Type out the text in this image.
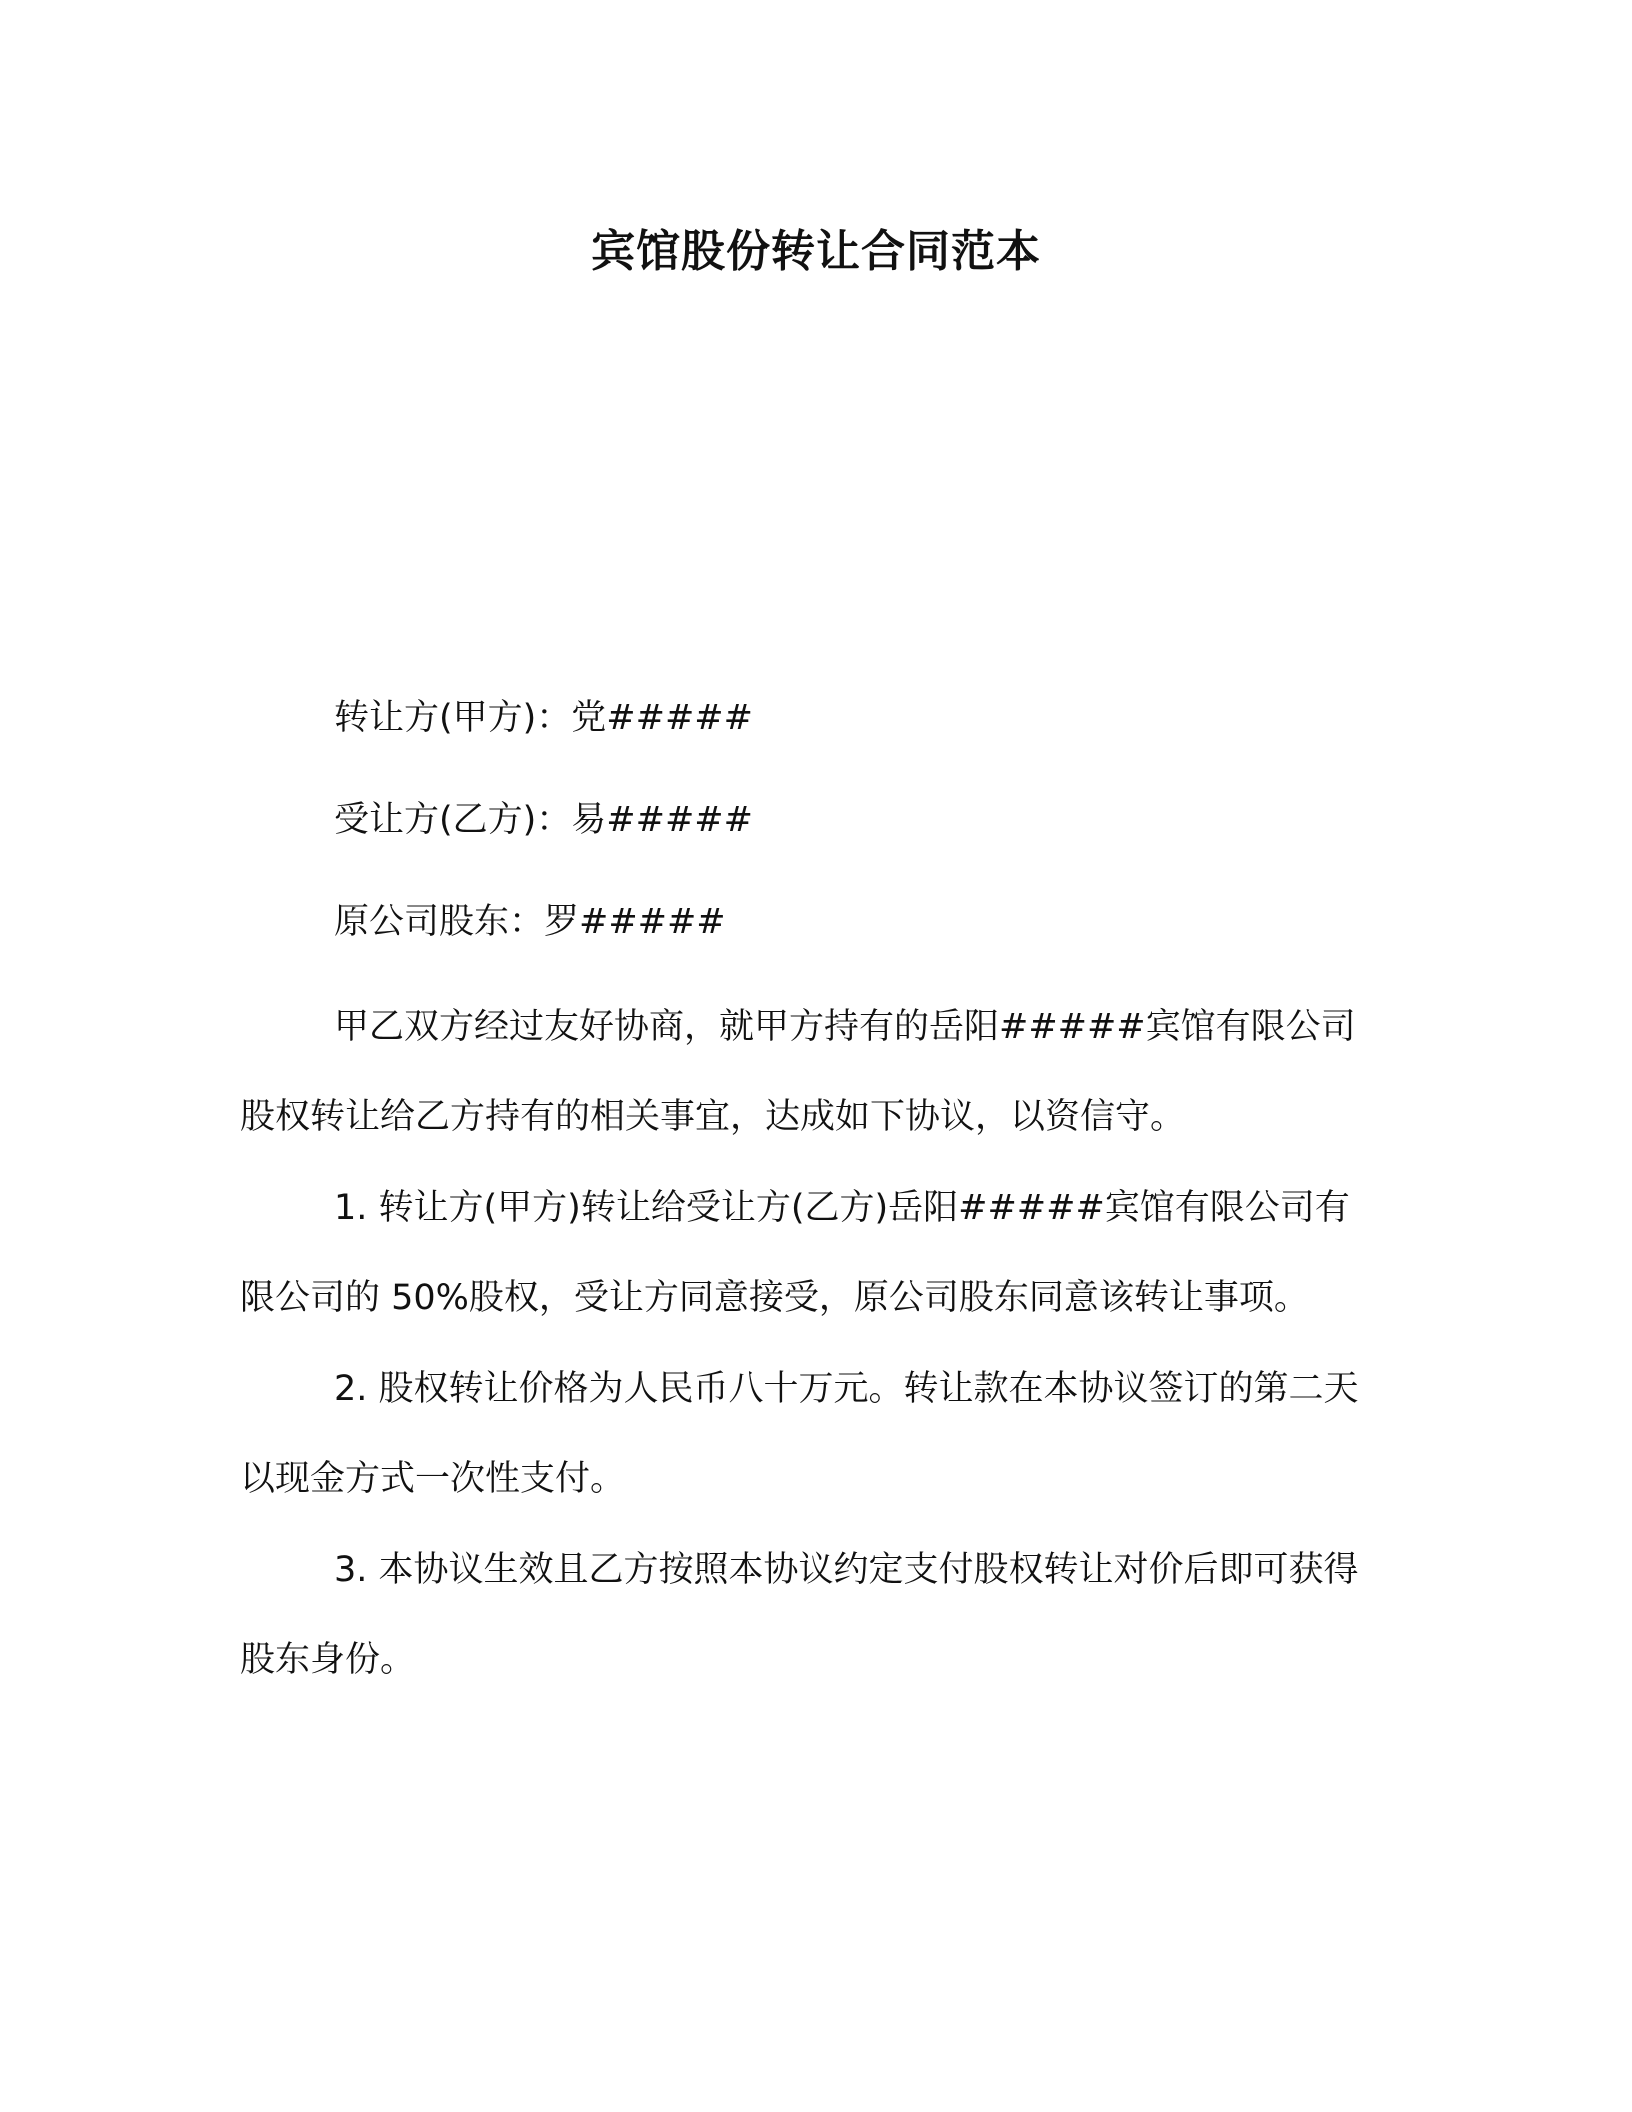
宾馆股份转让合同范本
转让方(甲方)：党#####
受让方(乙方)：易#####
原公司股东：罗#####

甲乙双方经过友好协商，就甲方持有的岳阳#####宾馆有限公司股权转让给乙方持有的相关事宜，达成如下协议，以资信守。

1. 转让方(甲方)转让给受让方(乙方)岳阳#####宾馆有限公司有限公司的 50%股权，受让方同意接受，原公司股东同意该转让事项。

2. 股权转让价格为人民币八十万元。转让款在本协议签订的第二天以现金方式一次性支付。

3. 本协议生效且乙方按照本协议约定支付股权转让对价后即可获得股东身份。
